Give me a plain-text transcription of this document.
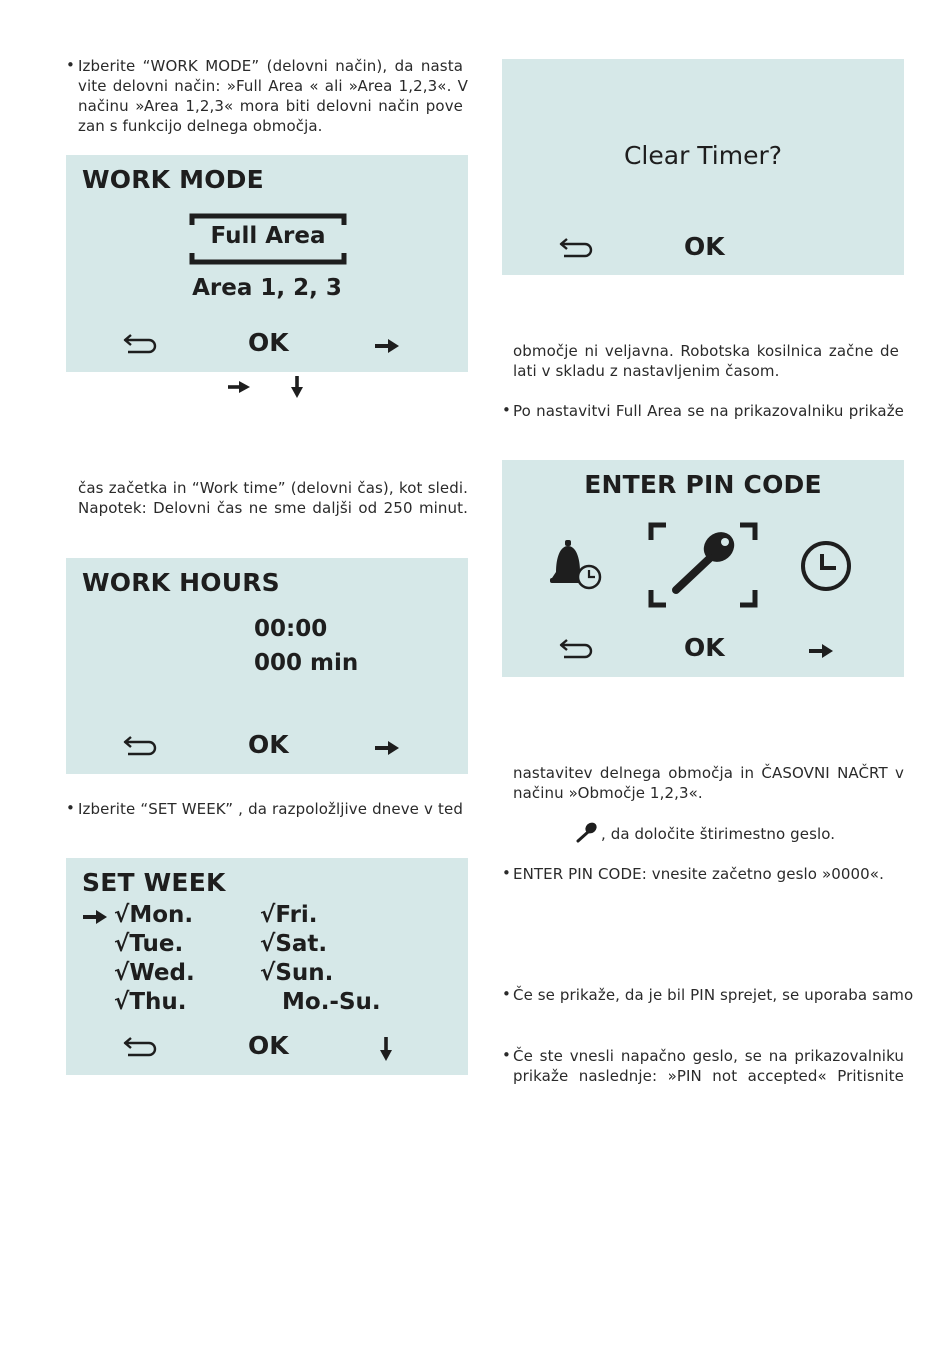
• Izberite “WORK MODE” (delovni način), da nasta
vite delovni način: »Full Area « ali »Area 1,2,3«. V
načinu »Area 1,2,3« mora biti delovni način pove
zan s funkcijo delnega območja.
WORK MODE
Full Area
Area 1, 2, 3
OK
čas začetka in “Work time” (delovni čas), kot sledi.
Napotek: Delovni čas ne sme daljši od 250 minut.
WORK HOURS
00:00
000 min
OK
• Izberite “SET WEEK” , da razpoložljive dneve v ted
SET WEEK
√Mon.
√Tue.
√Wed.
√Thu.
√Fri.
√Sat.
√Sun.
Mo.-Su.
OK
Clear Timer?
OK
območje ni veljavna. Robotska kosilnica začne de
lati v skladu z nastavljenim časom.
• Po nastavitvi Full Area se na prikazovalniku prikaže
ENTER PIN CODE
OK
nastavitev delnega območja in ČASOVNI NAČRT v
načinu »Območje 1,2,3«.
, da določite štirimestno geslo.
• ENTER PIN CODE: vnesite začetno geslo »0000«.
• Če se prikaže, da je bil PIN sprejet, se uporaba samo
• Če ste vnesli napačno geslo, se na prikazovalniku
prikaže naslednje: »PIN not accepted« Pritisnite
